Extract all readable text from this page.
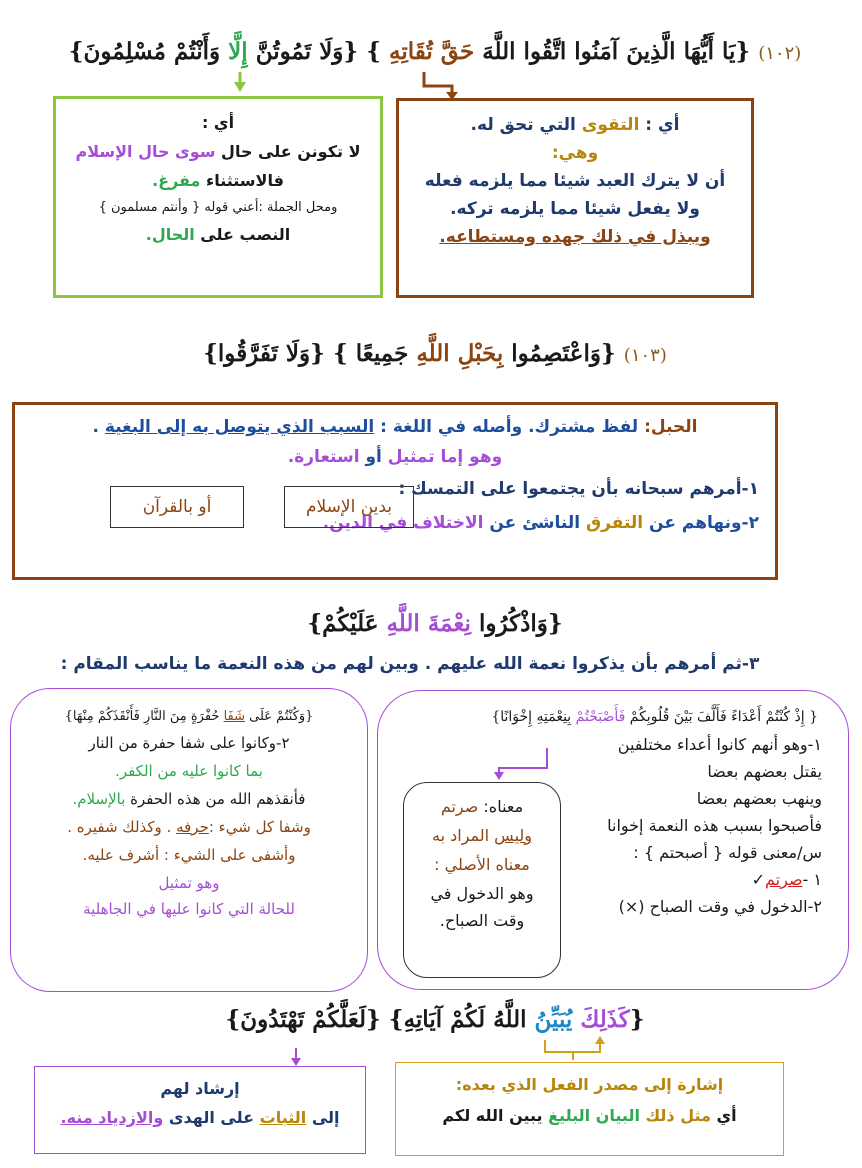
(١٠٢) {يَا أَيُّهَا الَّذِينَ آمَنُوا اتَّقُوا اللَّهَ حَقَّ تُقَاتِهِ } {وَلَا تَمُوتُنَّ إِلَّا وَأَنْتُمْ مُسْلِمُونَ}
أي : التقوى التي تحق له.
وهي:
أن لا يترك العبد شيئا مما يلزمه فعله
ولا يفعل شيئا مما يلزمه تركه.
ويبذل في ذلك جهده ومستطاعه.
أي :
لا تكونن على حال سوى حال الإسلام
فالاستثناء مفرغ.
ومحل الجملة :أعني قوله { وأنتم مسلمون }
النصب على الحال.
(١٠٣) {وَاعْتَصِمُوا بِحَبْلِ اللَّهِ جَمِيعًا } {وَلَا تَفَرَّقُوا}
الحبل: لفظ مشترك. وأصله في اللغة : السبب الذي يتوصل به إلى البغية .
وهو إما تمثيل أو استعارة.
١-أمرهم سبحانه بأن يجتمعوا على التمسك :
٢-ونهاهم عن التفرق الناشئ عن الاختلاف في الدين.
بدين الإسلام
أو بالقرآن
{وَاذْكُرُوا نِعْمَةَ اللَّهِ عَلَيْكُمْ}
٣-ثم أمرهم بأن يذكروا نعمة الله عليهم . وبين لهم من هذه النعمة ما يناسب المقام :
{ إِذْ كُنْتُمْ أَعْدَاءً فَأَلَّفَ بَيْنَ قُلُوبِكُمْ فَأَصْبَحْتُمْ بِنِعْمَتِهِ إِخْوَانًا}
١-وهو أنهم كانوا أعداء مختلفين
يقتل بعضهم بعضا
وينهب بعضهم بعضا
فأصبحوا بسبب هذه النعمة إخوانا
س/معنى قوله { أصبحتم } :
١ -صرتم✓
٢-الدخول في وقت الصباح (×)
معناه: صرتم
وليس المراد به
معناه الأصلي :
وهو الدخول في
وقت الصباح.
{وَكُنْتُمْ عَلَى شَفَا حُفْرَةٍ مِنَ النَّارِ فَأَنْقَذَكُمْ مِنْهَا}
٢-وكانوا على شفا حفرة من النار
بما كانوا عليه من الكفر.
فأنقذهم الله من هذه الحفرة بالإسلام.
وشفا كل شيء :حرفه . وكذلك شفيره .
وأشفى على الشيء : أشرف عليه.
وهو تمثيل
للحالة التي كانوا عليها في الجاهلية
{كَذَلِكَ يُبَيِّنُ اللَّهُ لَكُمْ آيَاتِهِ} {لَعَلَّكُمْ تَهْتَدُونَ}
إشارة إلى مصدر الفعل الذي بعده:
أي مثل ذلك البيان البليغ يبين الله لكم
إرشاد لهم
إلى الثبات على الهدى والازدياد منه.
